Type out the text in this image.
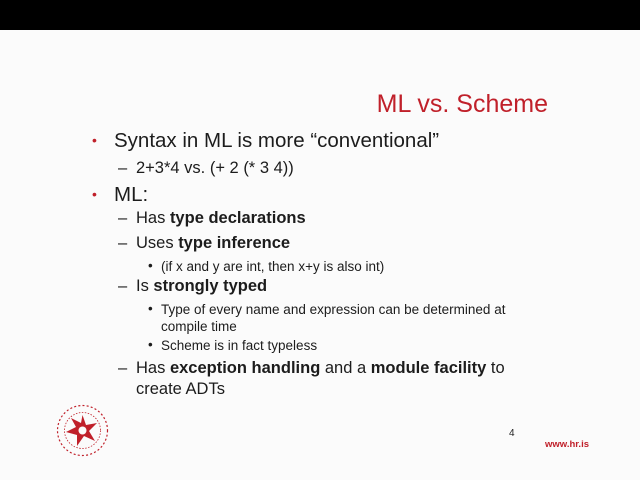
ML vs. Scheme
• Syntax in ML is more “conventional”
– 2+3*4 vs. (+ 2 (* 3 4))
• ML:
– Has type declarations
– Uses type inference
• (if x and y are int, then x+y is also int)
– Is strongly typed
• Type of every name and expression can be determined at
compile time
• Scheme is in fact typeless
– Has exception handling and a module facility to
create ADTs
4
www.hr.is
